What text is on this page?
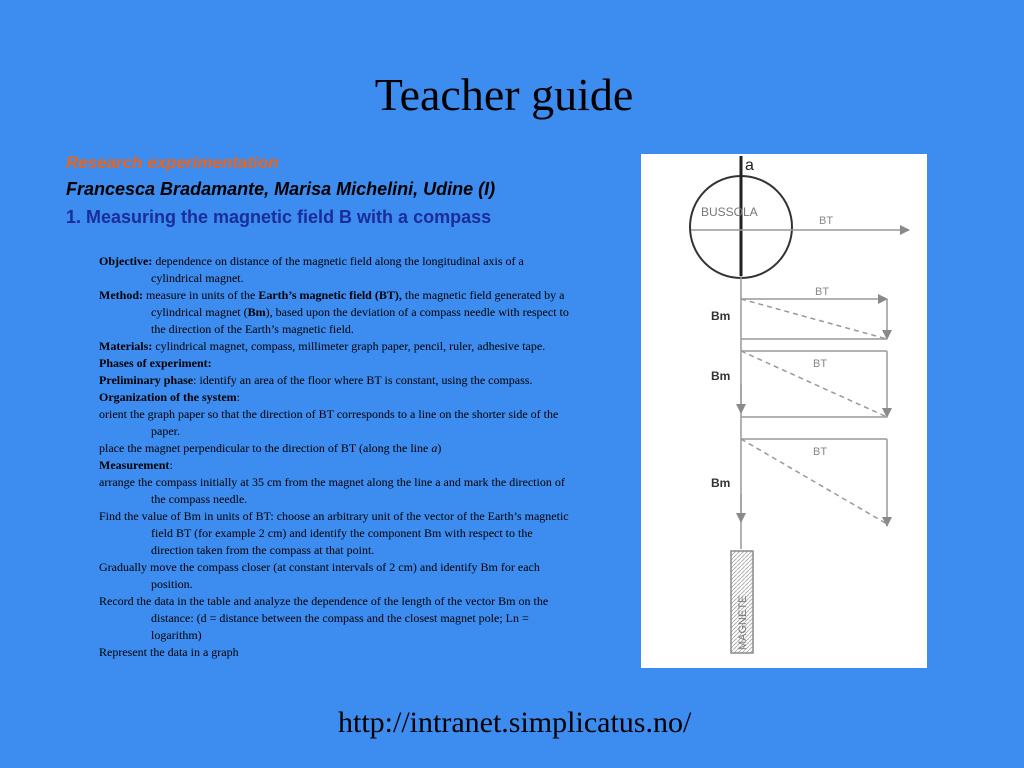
Teacher guide
Research experimentation
Francesca Bradamante, Marisa Michelini, Udine (I)
1. Measuring the magnetic field B with a compass

Objective: dependence on distance of the magnetic field along the longitudinal axis of a cylindrical magnet.

Method: measure in units of the Earth’s magnetic field (BT), the magnetic field generated by a cylindrical magnet (Bm), based upon the deviation of a compass needle with respect to the direction of the Earth’s magnetic field.

Materials: cylindrical magnet, compass, millimeter graph paper, pencil, ruler, adhesive tape.

Phases of experiment:

Preliminary phase: identify an area of the floor where BT is constant, using the compass.

Organization of the system:

orient the graph paper so that the direction of BT corresponds to a line on the shorter side of the paper.

place the magnet perpendicular to the direction of BT (along the line a)

Measurement:

arrange the compass initially at 35 cm from the magnet along the line a and mark the direction of the compass needle.

Find the value of Bm in units of BT: choose an arbitrary unit of the vector of the Earth’s magnetic field BT (for example 2 cm) and identify the component Bm with respect to the direction taken from the compass at that point.

Gradually move the compass closer (at constant intervals of 2 cm) and identify Bm for each position.

Record the data in the table and analyze the dependence of the length of the vector Bm on the distance: (d = distance between the compass and the closest magnet pole; Ln = logarithm)

Represent the data in a graph

a
BUSSOLA
BT
BT
Bm
BT
Bm
BT
Bm
MAGNETE
http://intranet.simplicatus.no/
